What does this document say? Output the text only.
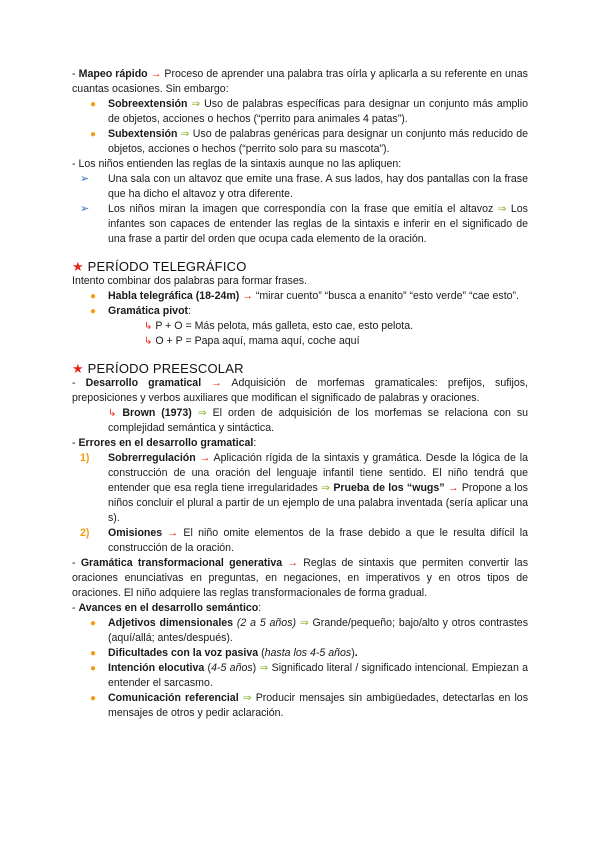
- Mapeo rápido → Proceso de aprender una palabra tras oírla y aplicarla a su referente en unas cuantas ocasiones. Sin embargo:

● Sobreextensión ⇒ Uso de palabras específicas para designar un conjunto más amplio de objetos, acciones o hechos (“perrito para animales 4 patas”).
● Subextensión ⇒ Uso de palabras genéricas para designar un conjunto más reducido de objetos, acciones o hechos (“perrito solo para su mascota”).

- Los niños entienden las reglas de la sintaxis aunque no las apliquen:

➢ Una sala con un altavoz que emite una frase. A sus lados, hay dos pantallas con la frase que ha dicho el altavoz y otra diferente.
➢ Los niños miran la imagen que correspondía con la frase que emitía el altavoz ⇒ Los infantes son capaces de entender las reglas de la sintaxis e inferir en el significado de una frase a partir del orden que ocupa cada elemento de la oración.
★ PERÍODO TELEGRÁFICO

Intento combinar dos palabras para formar frases.

● Habla telegráfica (18-24m) → “mirar cuento” “busca a enanito” “esto verde” “cae esto”.
● Gramática pivot:
↳ P + O = Más pelota, más galleta, esto cae, esto pelota.
↳ O + P = Papa aquí, mama aquí, coche aquí
★ PERÍODO PREESCOLAR

- Desarrollo gramatical → Adquisición de morfemas gramaticales: prefijos, sufijos, preposiciones y verbos auxiliares que modifican el significado de palabras y oraciones.

↳ Brown (1973) ⇒ El orden de adquisición de los morfemas se relaciona con su complejidad semántica y sintáctica.

- Errores en el desarrollo gramatical:

1) Sobrerregulación → Aplicación rígida de la sintaxis y gramática. Desde la lógica de la construcción de una oración del lenguaje infantil tiene sentido. El niño tendrá que entender que esa regla tiene irregularidades ⇒ Prueba de los “wugs” → Propone a los niños concluir el plural a partir de un ejemplo de una palabra inventada (sería aplicar una s).
2) Omisiones → El niño omite elementos de la frase debido a que le resulta difícil la construcción de la oración.

- Gramática transformacional generativa → Reglas de sintaxis que permiten convertir las oraciones enunciativas en preguntas, en negaciones, en imperativos y en otros tipos de oraciones. El niño adquiere las reglas transformacionales de forma gradual.

- Avances en el desarrollo semántico:

● Adjetivos dimensionales (2 a 5 años) ⇒ Grande/pequeño; bajo/alto y otros contrastes (aquí/allá; antes/después).
● Dificultades con la voz pasiva (hasta los 4-5 años).
● Intención elocutiva (4-5 años) ⇒ Significado literal / significado intencional. Empiezan a entender el sarcasmo.
● Comunicación referencial ⇒ Producir mensajes sin ambigüedades, detectarlas en los mensajes de otros y pedir aclaración.
